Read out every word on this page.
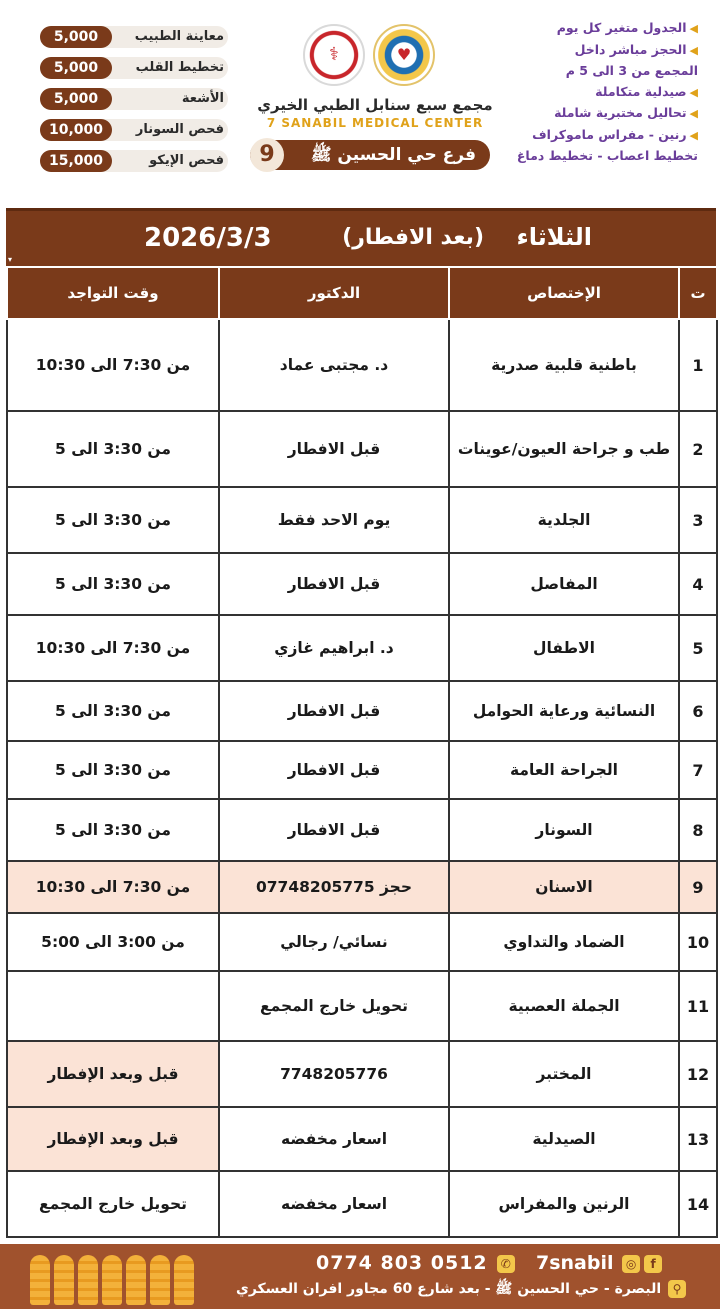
5,000	معاينة الطبيب
5,000	تخطيط القلب
5,000	الأشعة
10,000	فحص السونار
15,000	فحص الإيكو
⚕	♥
مجمع سبع سنابل الطبي الخيري
7 SANABIL MEDICAL CENTER
9	فرع حي الحسين ﷺ
◀الجدول متغير كل يوم
◀الحجز مباشر داخل
المجمع من 3 الى 5 م
◀صيدلية متكاملة
◀تحاليل مختبرية شاملة
◀رنين - مفراس ماموكراف
تخطيط اعصاب - تخطيط دماغ
2026/3/3	(بعد الافطار) الثلاثاء
▾
ت	الإختصاص	الدكتور	وقت التواجد
1	باطنية قلبية صدرية	د. مجتبى عماد	من 7:30 الى 10:30
2	طب و جراحة العيون/عوينات	قبل الافطار	من 3:30 الى 5
3	الجلدية	يوم الاحد فقط	من 3:30 الى 5
4	المفاصل	قبل الافطار	من 3:30 الى 5
5	الاطفال	د. ابراهيم غازي	من 7:30 الى 10:30
6	النسائية ورعاية الحوامل	قبل الافطار	من 3:30 الى 5
7	الجراحة العامة	قبل الافطار	من 3:30 الى 5
8	السونار	قبل الافطار	من 3:30 الى 5
9	الاسنان	حجز 07748205775	من 7:30 الى 10:30
10	الضماد والتداوي	نسائي/ رجالي	من 3:00 الى 5:00
11	الجملة العصبية	تحويل خارج المجمع	
12	المختبر	7748205776	قبل وبعد الإفطار
13	الصيدلية	اسعار مخفضه	قبل وبعد الإفطار
14	الرنين والمفراس	اسعار مخفضه	تحويل خارج المجمع
0774 803 0512 ✆ 7snabil ◎ f
⚲ البصرة - حي الحسين ﷺ - بعد شارع 60 مجاور افران العسكري
